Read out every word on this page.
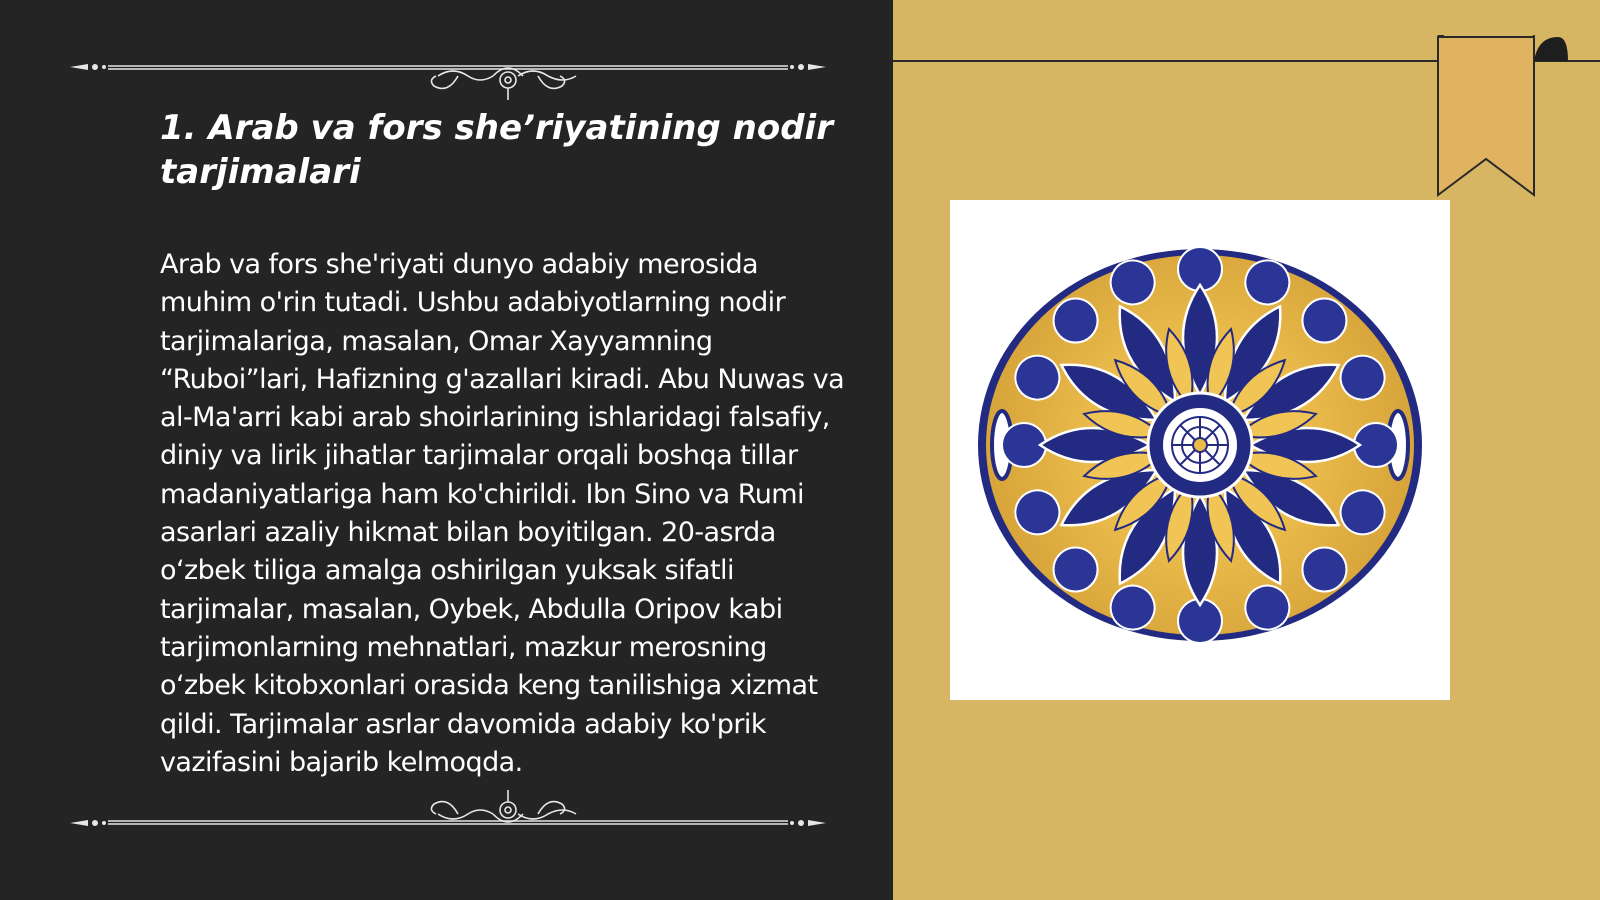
1. Arab va fors she’riyatining nodir tarjimalari

Arab va fors she'riyati dunyo adabiy merosida muhim o'rin tutadi. Ushbu adabiyotlarning nodir tarjimalariga, masalan, Omar Xayyamning “Ruboi”lari, Hafizning g'azallari kiradi. Abu Nuwas va al-Ma'arri kabi arab shoirlarining ishlaridagi falsafiy, diniy va lirik jihatlar tarjimalar orqali boshqa tillar madaniyatlariga ham ko'chirildi. Ibn Sino va Rumi asarlari azaliy hikmat bilan boyitilgan. 20-asrda o‘zbek tiliga amalga oshirilgan yuksak sifatli tarjimalar, masalan, Oybek, Abdulla Oripov kabi tarjimonlarning mehnatlari, mazkur merosning o‘zbek kitobxonlari orasida keng tanilishiga xizmat qildi. Tarjimalar asrlar davomida adabiy ko'prik vazifasini bajarib kelmoqda.
